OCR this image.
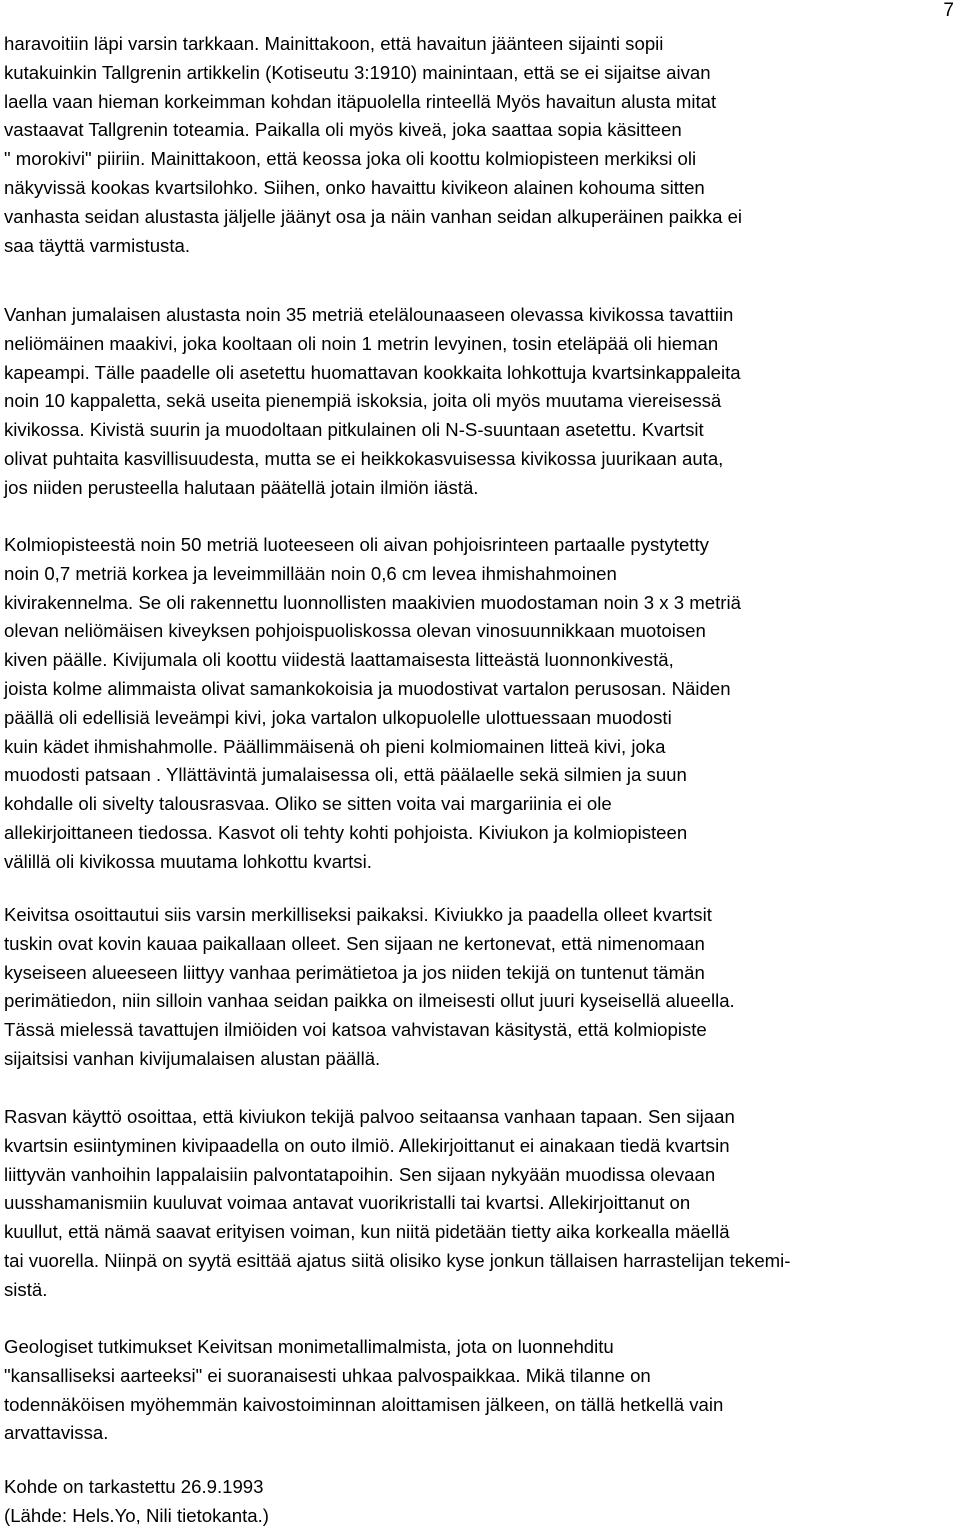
7
haravoitiin läpi varsin tarkkaan. Mainittakoon, että havaitun jäänteen sijainti sopii
kutakuinkin Tallgrenin artikkelin (Kotiseutu 3:1910) mainintaan, että se ei sijaitse aivan
laella vaan hieman korkeimman kohdan itäpuolella rinteellä Myös havaitun alusta mitat
vastaavat Tallgrenin toteamia. Paikalla oli myös kiveä, joka saattaa sopia käsitteen
" morokivi" piiriin. Mainittakoon, että keossa joka oli koottu kolmiopisteen merkiksi oli
näkyvissä kookas kvartsilohko. Siihen, onko havaittu kivikeon alainen kohouma sitten
vanhasta seidan alustasta jäljelle jäänyt osa ja näin vanhan seidan alkuperäinen paikka ei
saa täyttä varmistusta.
Vanhan jumalaisen alustasta noin 35 metriä etelälounaaseen olevassa kivikossa tavattiin
neliömäinen maakivi, joka kooltaan oli noin 1 metrin levyinen, tosin eteläpää oli hieman
kapeampi. Tälle paadelle oli asetettu huomattavan kookkaita lohkottuja kvartsinkappaleita
noin 10 kappaletta, sekä useita pienempiä iskoksia, joita oli myös muutama viereisessä
kivikossa. Kivistä suurin ja muodoltaan pitkulainen oli N-S-suuntaan asetettu. Kvartsit
olivat puhtaita kasvillisuudesta, mutta se ei heikkokasvuisessa kivikossa juurikaan auta,
jos niiden perusteella halutaan päätellä jotain ilmiön iästä.
Kolmiopisteestä noin 50 metriä luoteeseen oli aivan pohjoisrinteen partaalle pystytetty
noin 0,7 metriä korkea ja leveimmillään noin 0,6 cm levea ihmishahmoinen
kivirakennelma. Se oli rakennettu luonnollisten maakivien muodostaman noin 3 x 3 metriä
olevan neliömäisen kiveyksen pohjoispuoliskossa olevan vinosuunnikkaan muotoisen
kiven päälle. Kivijumala oli koottu viidestä laattamaisesta litteästä luonnonkivestä,
joista kolme alimmaista olivat samankokoisia ja muodostivat vartalon perusosan. Näiden
päällä oli edellisiä leveämpi kivi, joka vartalon ulkopuolelle ulottuessaan muodosti
kuin kädet ihmishahmolle. Päällimmäisenä oh pieni kolmiomainen litteä kivi, joka
muodosti patsaan . Yllättävintä jumalaisessa oli, että päälaelle sekä silmien ja suun
kohdalle oli sivelty talousrasvaa. Oliko se sitten voita vai margariinia ei ole
allekirjoittaneen tiedossa. Kasvot oli tehty kohti pohjoista. Kiviukon ja kolmiopisteen
välillä oli kivikossa muutama lohkottu kvartsi.
Keivitsa osoittautui siis varsin merkilliseksi paikaksi. Kiviukko ja paadella olleet kvartsit
tuskin ovat kovin kauaa paikallaan olleet. Sen sijaan ne kertonevat, että nimenomaan
kyseiseen alueeseen liittyy vanhaa perimätietoa ja jos niiden tekijä on tuntenut tämän
perimätiedon, niin silloin vanhaa seidan paikka on ilmeisesti ollut juuri kyseisellä alueella.
Tässä mielessä tavattujen ilmiöiden voi katsoa vahvistavan käsitystä, että kolmiopiste
sijaitsisi vanhan kivijumalaisen alustan päällä.
Rasvan käyttö osoittaa, että kiviukon tekijä palvoo seitaansa vanhaan tapaan. Sen sijaan
kvartsin esiintyminen kivipaadella on outo ilmiö. Allekirjoittanut ei ainakaan tiedä kvartsin
liittyvän vanhoihin lappalaisiin palvontatapoihin. Sen sijaan nykyään muodissa olevaan
uusshamanismiin kuuluvat voimaa antavat vuorikristalli tai kvartsi. Allekirjoittanut on
kuullut, että nämä saavat erityisen voiman, kun niitä pidetään tietty aika korkealla mäellä
tai vuorella. Niinpä on syytä esittää ajatus siitä olisiko kyse jonkun tällaisen harrastelijan tekemi-
sistä.
Geologiset tutkimukset Keivitsan monimetallimalmista, jota on luonnehditu
"kansalliseksi aarteeksi" ei suoranaisesti uhkaa palvospaikkaa. Mikä tilanne on
todennäköisen myöhemmän kaivostoiminnan aloittamisen jälkeen, on tällä hetkellä vain
arvattavissa.
Kohde on tarkastettu 26.9.1993
(Lähde: Hels.Yo, Nili tietokanta.)
